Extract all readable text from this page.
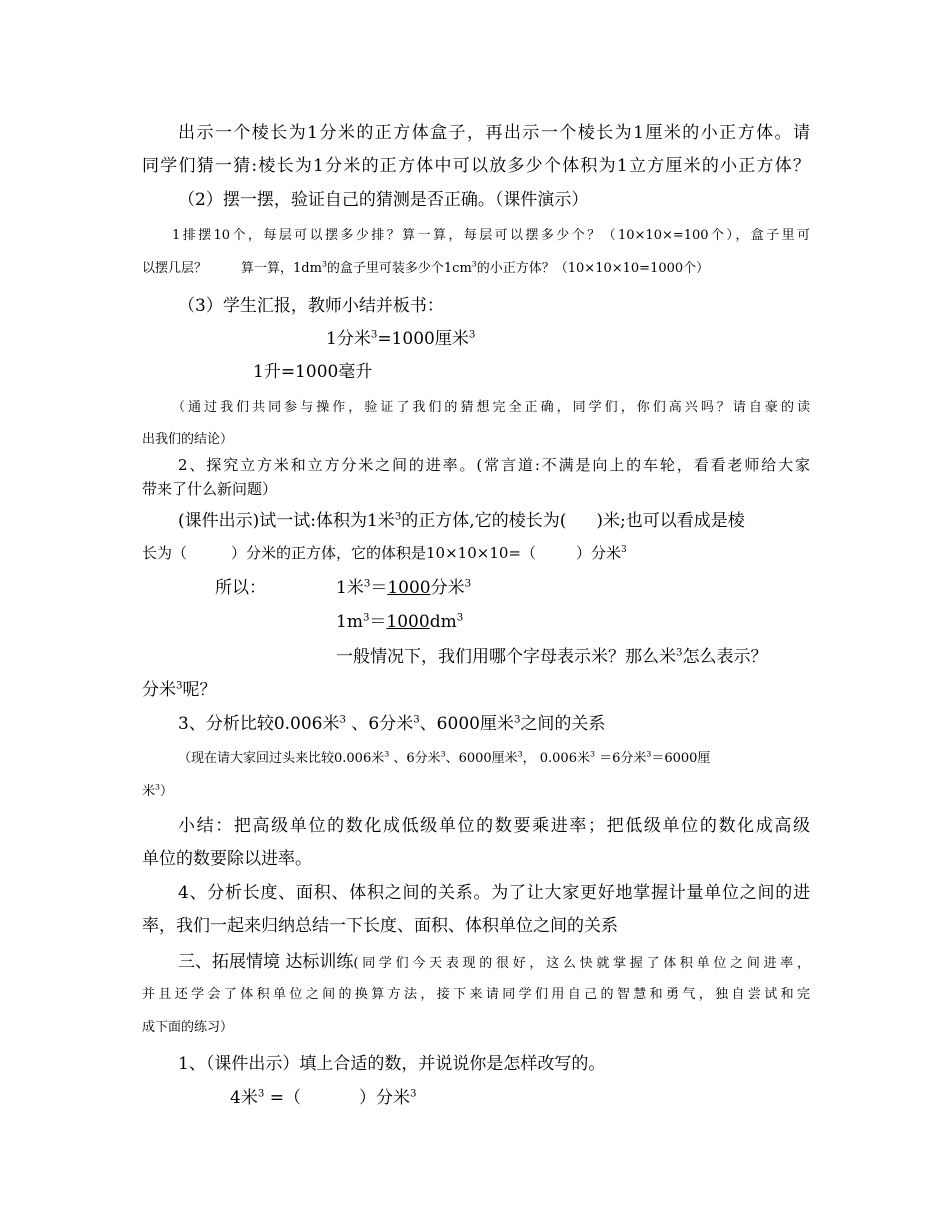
出示一个棱长为1分米的正方体盒子，再出示一个棱长为1厘米的小正方体。请
同学们猜一猜:棱长为1分米的正方体中可以放多少个体积为1立方厘米的小正方体？
（2）摆一摆，验证自己的猜测是否正确。（课件演示）
1排摆10个，每层可以摆多少排？算一算，每层可以摆多少个？（10×10×=100个），盒子里可
以摆几层？	算一算，$1dm^3$的盒子里可装多少个$1cm^3$的小正方体？（10×10×10=1000个）
（3）学生汇报，教师小结并板书：
1分米$^3$=1000厘米$^3$
1升=1000毫升
（通过我们共同参与操作，验证了我们的猜想完全正确，同学们，你们高兴吗？请自豪的读
出我们的结论）
2、探究立方米和立方分米之间的进率。(常言道:不满是向上的车轮，看看老师给大家
带来了什么新问题）
(课件出示)试一试:体积为1米$^3$的正方体,它的棱长为( )米;也可以看成是棱
长为（	）分米的正方体，它的体积是10×10×10=（	）分米$^3$
所以：	1米$^3$＝1000分米$^3$
$1m^3=1000dm^3$
一般情况下，我们用哪个字母表示米？那么米$^3$怎么表示？
分米$^3$呢？
3、分析比较0.006米$^3$ 、6分米$^3$、6000厘米$^3$之间的关系
（现在请大家回过头来比较0.006米$^3$ 、6分米$^3$、6000厘米$^3$， 0.006米$^3$ ＝6分米$^3$＝6000厘
米$^3$）
小结：把高级单位的数化成低级单位的数要乘进率；把低级单位的数化成高级
单位的数要除以进率。
4、分析长度、面积、体积之间的关系。为了让大家更好地掌握计量单位之间的进
率，我们一起来归纳总结一下长度、面积、体积单位之间的关系
三、拓展情境 达标训练 (同学们今天表现的很好，这么快就掌握了体积单位之间进率，
并且还学会了体积单位之间的换算方法，接下来请同学们用自己的智慧和勇气，独自尝试和完
成下面的练习）
1、（课件出示）填上合适的数，并说说你是怎样改写的。
4米$^3$ =（	）分米$^3$
